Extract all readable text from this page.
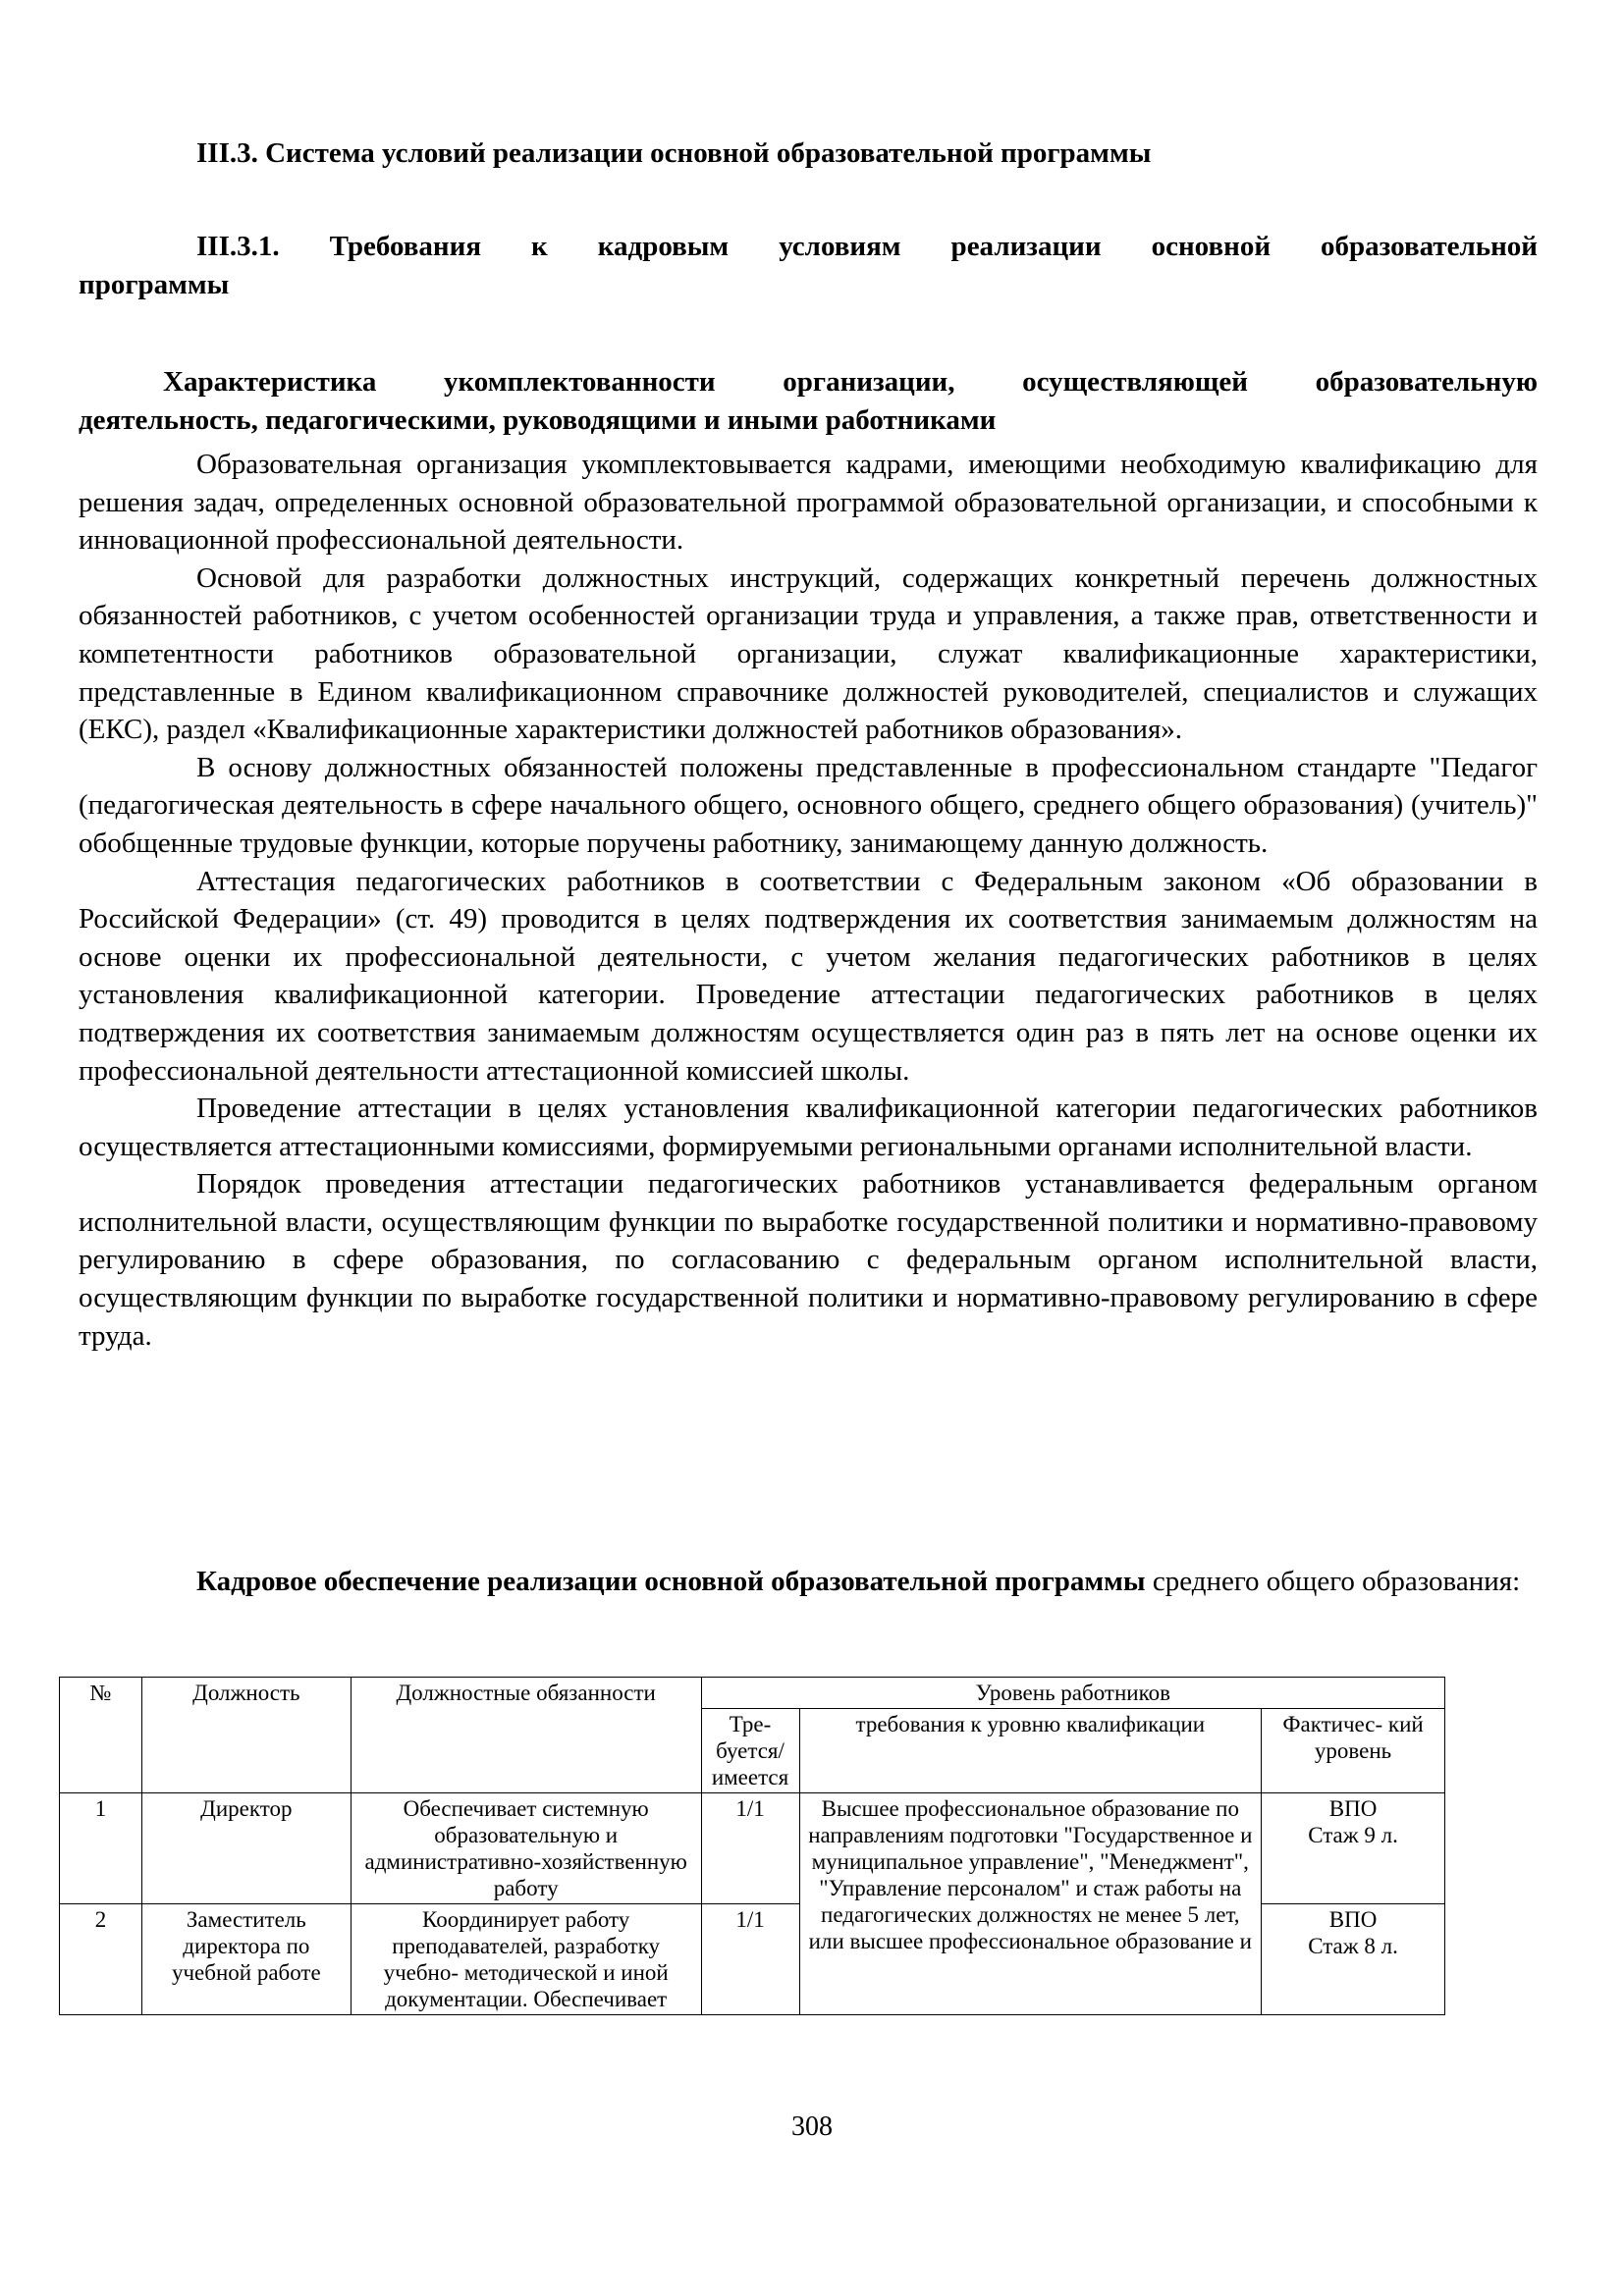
III.3. Система условий реализации основной образовательной программы
III.3.1. Требования к кадровым условиям реализации основной образовательной
программы
Характеристика укомплектованности организации, осуществляющей образовательную
деятельность, педагогическими, руководящими и иными работниками

Образовательная организация укомплектовывается кадрами, имеющими необходимую квалификацию для решения задач, определенных основной образовательной программой образовательной организации, и способными к инновационной профессиональной деятельности.

Основой для разработки должностных инструкций, содержащих конкретный перечень должностных обязанностей работников, с учетом особенностей организации труда и управления, а также прав, ответственности и компетентности работников образовательной организации, служат квалификационные характеристики, представленные в Едином квалификационном справочнике должностей руководителей, специалистов и служащих (ЕКС), раздел «Квалификационные характеристики должностей работников образования».

В основу должностных обязанностей положены представленные в профессиональном стандарте "Педагог (педагогическая деятельность в сфере начального общего, основного общего, среднего общего образования) (учитель)" обобщенные трудовые функции, которые поручены работнику, занимающему данную должность.

Аттестация педагогических работников в соответствии с Федеральным законом «Об образовании в Российской Федерации» (ст. 49) проводится в целях подтверждения их соответствия занимаемым должностям на основе оценки их профессиональной деятельности, с учетом желания педагогических работников в целях установления квалификационной категории. Проведение аттестации педагогических работников в целях подтверждения их соответствия занимаемым должностям осуществляется один раз в пять лет на основе оценки их профессиональной деятельности аттестационной комиссией школы.

Проведение аттестации в целях установления квалификационной категории педагогических работников осуществляется аттестационными комиссиями, формируемыми региональными органами исполнительной власти.

Порядок проведения аттестации педагогических работников устанавливается федеральным органом исполнительной власти, осуществляющим функции по выработке государственной политики и нормативно-правовому регулированию в сфере образования, по согласованию с федеральным органом исполнительной власти, осуществляющим функции по выработке государственной политики и нормативно-правовому регулированию в сфере труда.

Кадровое обеспечение реализации основной образовательной программы среднего общего образования:
№	Должность	Должностные обязанности	Уровень работников		
			Тре- буется/ имеется	требования к уровню квалификации	Фактичес- кий уровень
1	Директор	Обеспечивает системную образовательную и административно-хозяйственную работу	1/1	Высшее профессиональное образование по направлениям подготовки "Государственное и муниципальное управление", "Менеджмент", "Управление персоналом" и стаж работы на педагогических должностях не менее 5 лет, или высшее профессиональное образование и	ВПО
Стаж 9 л.

2	Заместитель директора по учебной работе	Координирует работу преподавателей, разработку учебно- методической и иной документации. Обеспечивает	1/1		ВПО
Стаж 8 л.
308
